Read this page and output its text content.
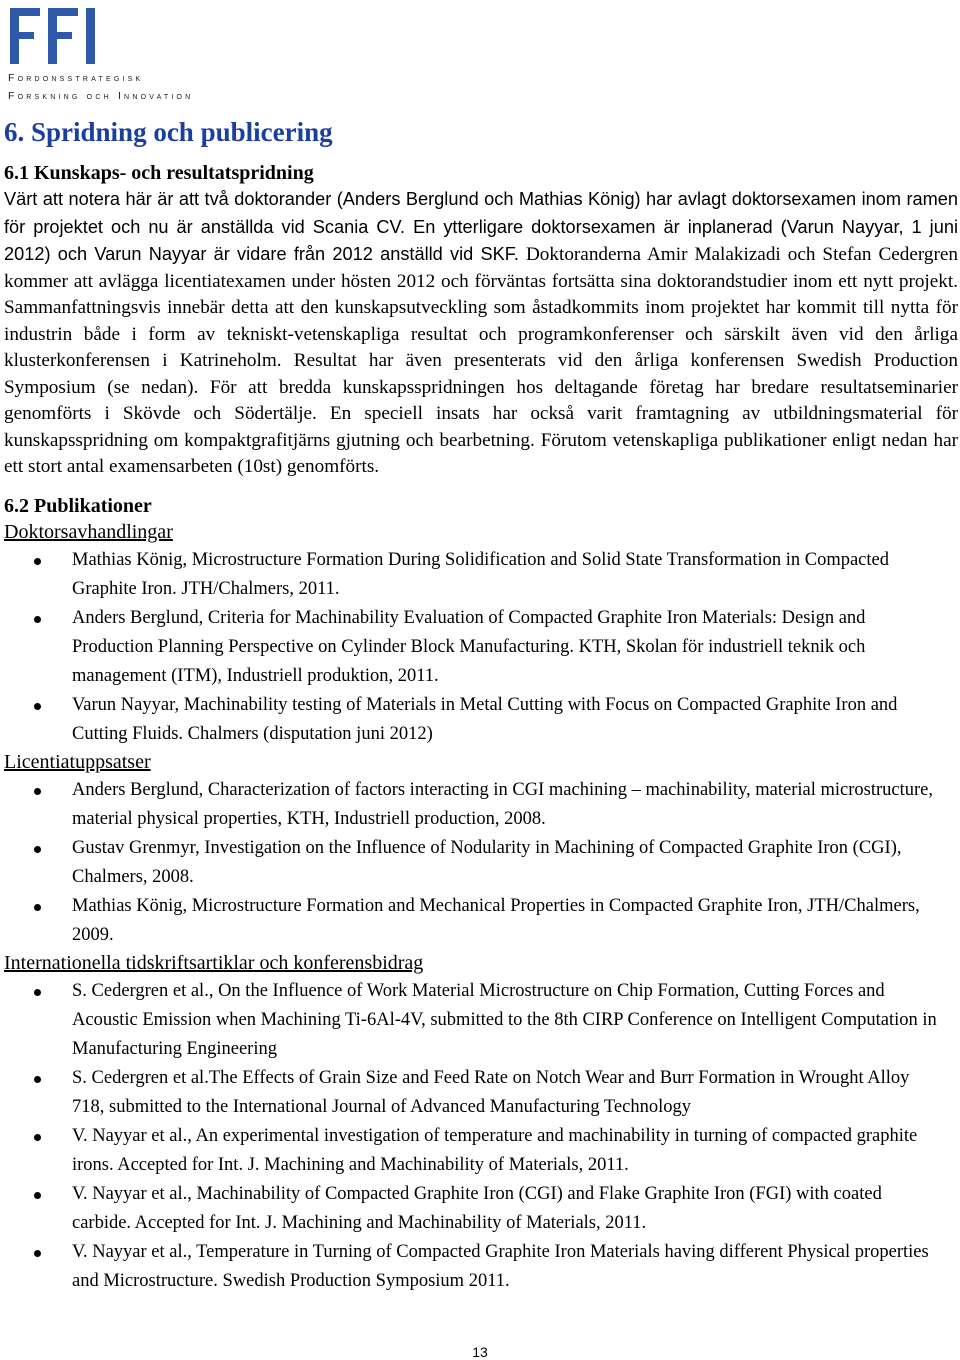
Fordonsstrategisk
Forskning och Innovation
6. Spridning och publicering
6.1 Kunskaps- och resultatspridning

Värt att notera här är att två doktorander (Anders Berglund och Mathias König) har avlagt doktorsexamen inom ramen för projektet och nu är anställda vid Scania CV. En ytterligare doktorsexamen är inplanerad (Varun Nayyar, 1 juni 2012) och Varun Nayyar är vidare från 2012 anställd vid SKF. Doktoranderna Amir Malakizadi och Stefan Cedergren kommer att avlägga licentiatexamen under hösten 2012 och förväntas fortsätta sina doktorandstudier inom ett nytt projekt. Sammanfattningsvis innebär detta att den kunskapsutveckling som åstadkommits inom projektet har kommit till nytta för industrin både i form av tekniskt-vetenskapliga resultat och programkonferenser och särskilt även vid den årliga klusterkonferensen i Katrineholm. Resultat har även presenterats vid den årliga konferensen Swedish Production Symposium (se nedan). För att bredda kunskapsspridningen hos deltagande företag har bredare resultatseminarier genomförts i Skövde och Södertälje. En speciell insats har också varit framtagning av utbildningsmaterial för kunskapsspridning om kompaktgrafitjärns gjutning och bearbetning. Förutom vetenskapliga publikationer enligt nedan har ett stort antal examensarbeten (10st) genomförts.

6.2 Publikationer
Doktorsavhandlingar
Mathias König, Microstructure Formation During Solidification and Solid State Transformation in Compacted Graphite Iron. JTH/Chalmers, 2011.
Anders Berglund, Criteria for Machinability Evaluation of Compacted Graphite Iron Materials: Design and Production Planning Perspective on Cylinder Block Manufacturing. KTH, Skolan för industriell teknik och management (ITM), Industriell produktion, 2011.
Varun Nayyar, Machinability testing of Materials in Metal Cutting with Focus on Compacted Graphite Iron and Cutting Fluids. Chalmers (disputation juni 2012)
Licentiatuppsatser
Anders Berglund, Characterization of factors interacting in CGI machining – machinability, material microstructure, material physical properties, KTH, Industriell production, 2008.
Gustav Grenmyr, Investigation on the Influence of Nodularity in Machining of Compacted Graphite Iron (CGI), Chalmers, 2008.
Mathias König, Microstructure Formation and Mechanical Properties in Compacted Graphite Iron, JTH/Chalmers, 2009.
Internationella tidskriftsartiklar och konferensbidrag
S. Cedergren et al., On the Influence of Work Material Microstructure on Chip Formation, Cutting Forces and Acoustic Emission when Machining Ti-6Al-4V, submitted to the 8th CIRP Conference on Intelligent Computation in Manufacturing Engineering
S. Cedergren et al.The Effects of Grain Size and Feed Rate on Notch Wear and Burr Formation in Wrought Alloy 718, submitted to the International Journal of Advanced Manufacturing Technology
V. Nayyar et al., An experimental investigation of temperature and machinability in turning of compacted graphite irons. Accepted for Int. J. Machining and Machinability of Materials, 2011.
V. Nayyar et al., Machinability of Compacted Graphite Iron (CGI) and Flake Graphite Iron (FGI) with coated carbide. Accepted for Int. J. Machining and Machinability of Materials, 2011.
V. Nayyar et al., Temperature in Turning of Compacted Graphite Iron Materials having different Physical properties and Microstructure. Swedish Production Symposium 2011.
13
